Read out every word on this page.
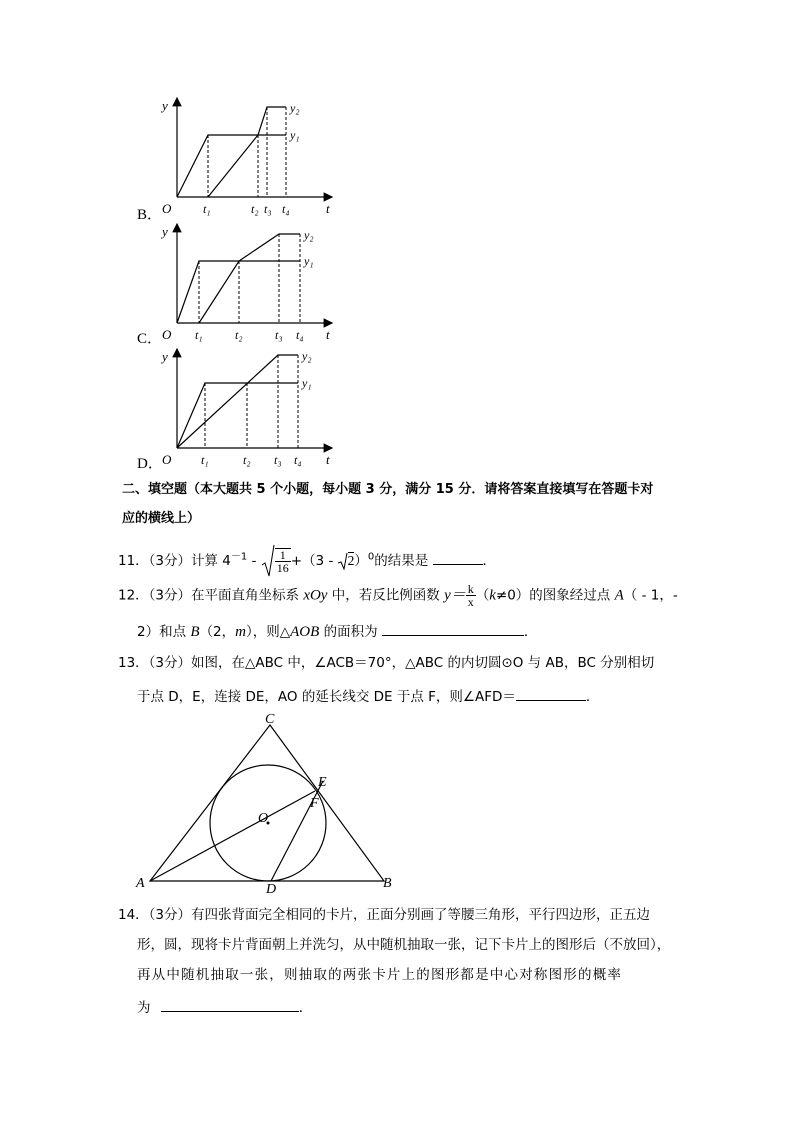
B．
y
t
O
y₂
y₁
t₁	t₂ t₃ t₄
C．
y
t
O
y₂
y₁
t₁	t₂	t₃ t₄
D．
y
t
O
y₂
y₁
t₁	t₂ t₃ t₄
二、填空题（本大题共 5 个小题，每小题 3 分，满分 15 分．请将答案直接填写在答题卡对
应的横线上）
11．（3分）计算 $4^{-1} - \frac{1}{16} +(3 - 2)^0$的结果是	．
12．（3分）在平面直角坐标系 xOy 中，若反比例函数 $y= \frac{k}{x} (k\ne 0)$的图象经过点 A（ - 1，-
2）和点 B（2，m），则△AOB 的面积为	．
13．（3分）如图，在△ABC 中，∠ACB＝70°，△ABC 的内切圆⊙O 与 AB，BC 分别相切
于点 D，E，连接 DE，AO 的延长线交 DE 于点 F，则∠AFD＝	．
C
A	B
D
E
F
O
14．（3分）有四张背面完全相同的卡片，正面分别画了等腰三角形，平行四边形，正五边
形，圆，现将卡片背面朝上并洗匀，从中随机抽取一张，记下卡片上的图形后（不放回），
再从中随机抽取一张，则抽取的两张卡片上的图形都是中心对称图形的概率
为	．
